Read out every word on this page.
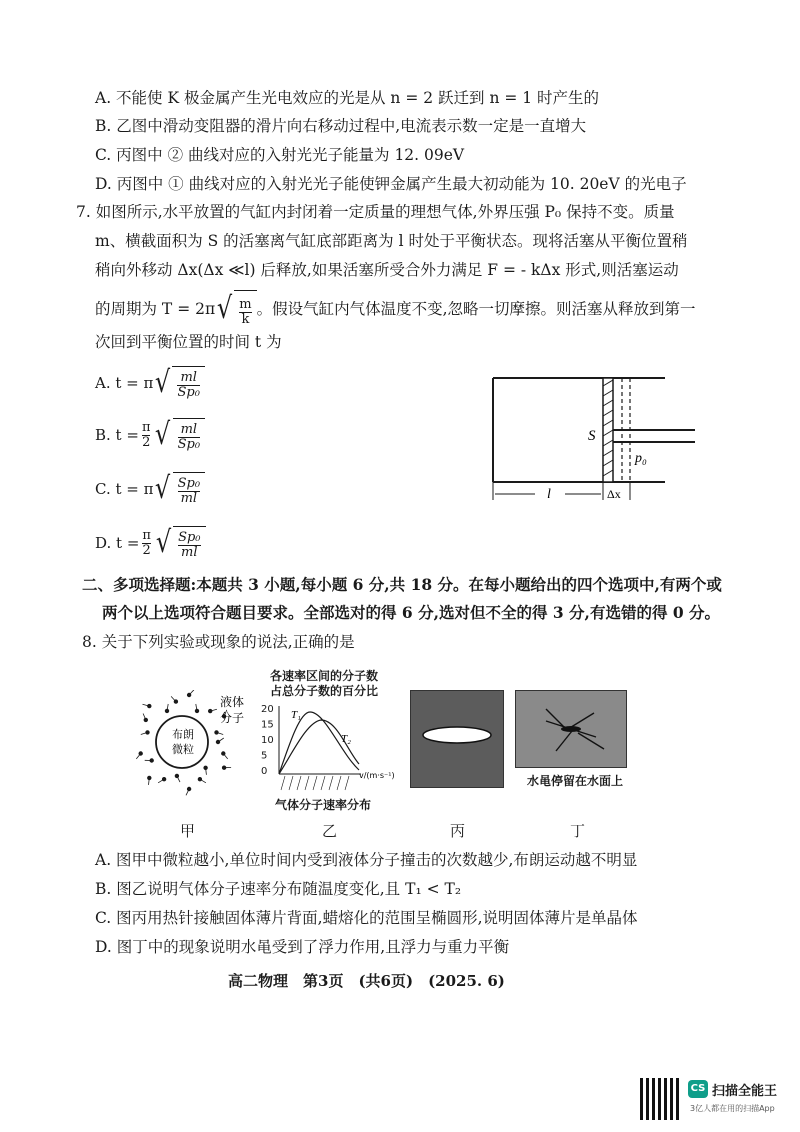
A. 不能使 K 极金属产生光电效应的光是从 n = 2 跃迁到 n = 1 时产生的
B. 乙图中滑动变阻器的滑片向右移动过程中,电流表示数一定是一直增大
C. 丙图中 ② 曲线对应的入射光光子能量为 12. 09eV
D. 丙图中 ① 曲线对应的入射光光子能使钾金属产生最大初动能为 10. 20eV 的光电子
7. 如图所示,水平放置的气缸内封闭着一定质量的理想气体,外界压强 P₀ 保持不变。质量
m、横截面积为 S 的活塞离气缸底部距离为 l 时处于平衡状态。现将活塞从平衡位置稍
稍向外移动 Δx(Δx ≪l) 后释放,如果活塞所受合外力满足 F = - kΔx 形式,则活塞运动
的周期为 T = 2π √ $\frac{m}{k}$ 。假设气缸内气体温度不变,忽略一切摩擦。则活塞从释放到第一
次回到平衡位置的时间 t 为
A. t = π √ $\frac{ml}{\text{Sp₀}}$
B. $t = \frac{\pi}{2}$ √ $\frac{ml}{\text{Sp₀}}$
C. t = π √ $\frac{\text{Sp₀}}{ml}$
D. $t = \frac{\pi}{2}$ √ $\frac{\text{Sp₀}}{ml}$
S
p₀
l	Δx
二、多项选择题:本题共 3 小题,每小题 6 分,共 18 分。在每小题给出的四个选项中,有两个或
两个以上选项符合题目要求。全部选对的得 6 分,选对但不全的得 3 分,有选错的得 0 分。
8. 关于下列实验或现象的说法,正确的是
布朗
微粒
液体
分子
各速率区间的分子数
占总分子数的百分比
20
15
10
5
0
T₁
T₂
v/(m·s⁻¹)
气体分子速率分布
水黾停留在水面上
甲	乙	丙	丁
A. 图甲中微粒越小,单位时间内受到液体分子撞击的次数越少,布朗运动越不明显
B. 图乙说明气体分子速率分布随温度变化,且 T₁ < T₂
C. 图丙用热针接触固体薄片背面,蜡熔化的范围呈椭圆形,说明固体薄片是单晶体
D. 图丁中的现象说明水黾受到了浮力作用,且浮力与重力平衡
高二物理　第3页　(共6页)　(2025. 6)
CS 扫描全能王
3亿人都在用的扫描App
